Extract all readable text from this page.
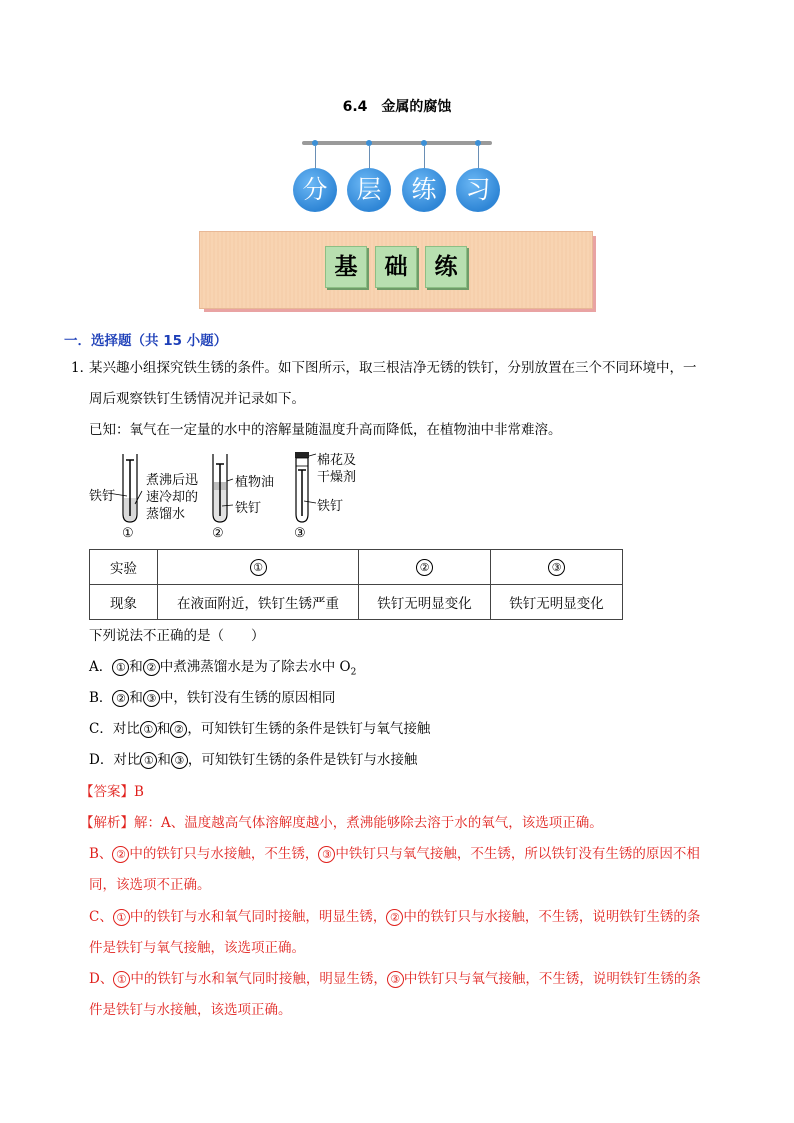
6.4　金属的腐蚀
分	层	练	习
基	础	练
一．选择题（共 15 小题）
1．
某兴趣小组探究铁生锈的条件。如下图所示，取三根洁净无锈的铁钉，分别放置在三个不同环境中，一
周后观察铁钉生锈情况并记录如下。
已知：氧气在一定量的水中的溶解量随温度升高而降低，在植物油中非常难溶。
铁钉
煮沸后迅
速冷却的
蒸馏水
植物油
铁钉
棉花及
干燥剂
铁钉
①	②	③
实验	①	②	③
现象	在液面附近，铁钉生锈严重	铁钉无明显变化	铁钉无明显变化
下列说法不正确的是（　　）
A． ① 和 ② 中煮沸蒸馏水是为了除去水中 $O_2$
B． ② 和 ③ 中，铁钉没有生锈的原因相同
C．对比 ① 和 ② ，可知铁钉生锈的条件是铁钉与氧气接触
D．对比 ① 和 ③ ，可知铁钉生锈的条件是铁钉与水接触
【答案】B
【解析】解：A、温度越高气体溶解度越小，煮沸能够除去溶于水的氧气，该选项正确。
B、 ② 中的铁钉只与水接触，不生锈， ③ 中铁钉只与氧气接触，不生锈，所以铁钉没有生锈的原因不相
同，该选项不正确。
C、 ① 中的铁钉与水和氧气同时接触，明显生锈， ② 中的铁钉只与水接触，不生锈，说明铁钉生锈的条
件是铁钉与氧气接触，该选项正确。
D、 ① 中的铁钉与水和氧气同时接触，明显生锈， ③ 中铁钉只与氧气接触，不生锈，说明铁钉生锈的条
件是铁钉与水接触，该选项正确。
